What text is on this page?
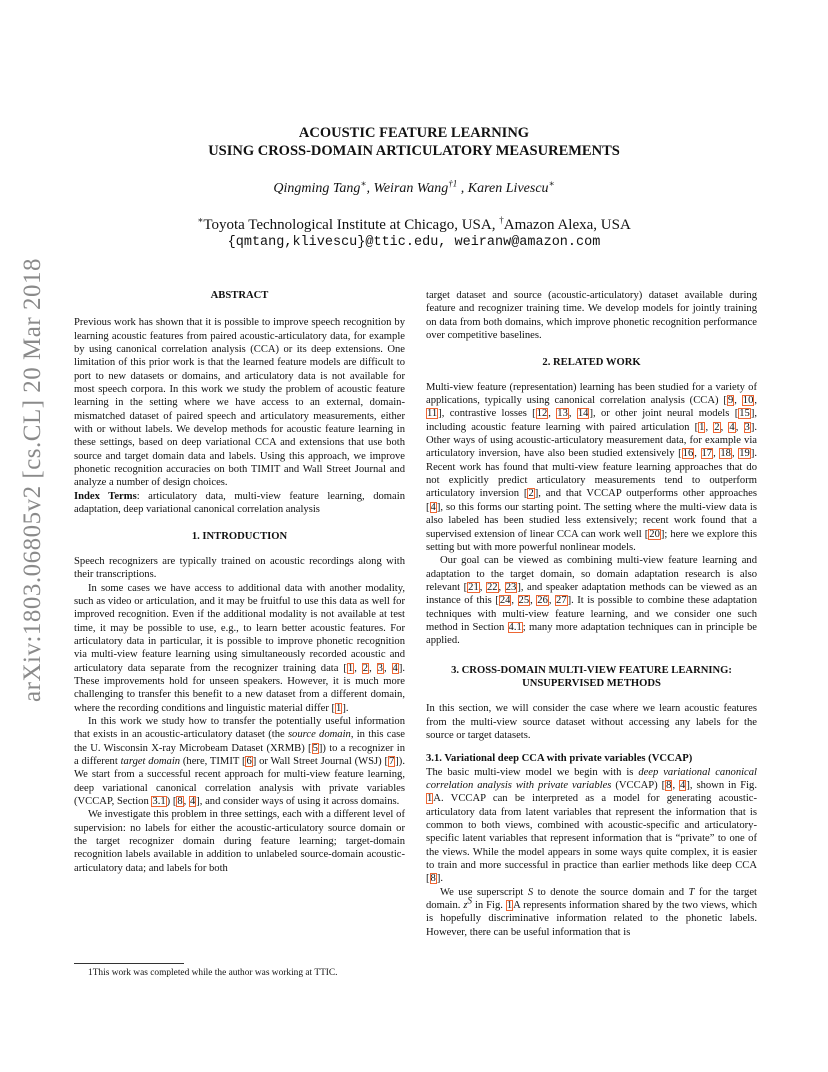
arXiv:1803.06805v2 [cs.CL] 20 Mar 2018
ACOUSTIC FEATURE LEARNING
USING CROSS-DOMAIN ARTICULATORY MEASUREMENTS
Qingming Tang∗, Weiran Wang$^{\dagger 1}$ , Karen Livescu∗
∗Toyota Technological Institute at Chicago, USA, †Amazon Alexa, USA
{qmtang,klivescu}@ttic.edu, weiranw@amazon.com
ABSTRACT

Previous work has shown that it is possible to improve speech recognition by learning acoustic features from paired acoustic-articulatory data, for example by using canonical correlation analysis (CCA) or its deep extensions. One limitation of this prior work is that the learned feature models are difficult to port to new datasets or domains, and articulatory data is not available for most speech corpora. In this work we study the problem of acoustic feature learning in the setting where we have access to an external, domain-mismatched dataset of paired speech and articulatory measurements, either with or without labels. We develop methods for acoustic feature learning in these settings, based on deep variational CCA and extensions that use both source and target domain data and labels. Using this approach, we improve phonetic recognition accuracies on both TIMIT and Wall Street Journal and analyze a number of design choices.

Index Terms: articulatory data, multi-view feature learning, domain adaptation, deep variational canonical correlation analysis

1. INTRODUCTION

Speech recognizers are typically trained on acoustic recordings along with their transcriptions.

In some cases we have access to additional data with another modality, such as video or articulation, and it may be fruitful to use this data as well for improved recognition. Even if the additional modality is not available at test time, it may be possible to use, e.g., to learn better acoustic features. For articulatory data in particular, it is possible to improve phonetic recognition via multi-view feature learning using simultaneously recorded acoustic and articulatory data separate from the recognizer training data [1, 2, 3, 4]. These improvements hold for unseen speakers. However, it is much more challenging to transfer this benefit to a new dataset from a different domain, where the recording conditions and linguistic material differ [1].

In this work we study how to transfer the potentially useful information that exists in an acoustic-articulatory dataset (the source domain, in this case the U. Wisconsin X-ray Microbeam Dataset (XRMB) [5]) to a recognizer in a different target domain (here, TIMIT [6] or Wall Street Journal (WSJ) [7]). We start from a successful recent approach for multi-view feature learning, deep variational canonical correlation analysis with private variables (VCCAP, Section 3.1) [8, 4], and consider ways of using it across domains.

We investigate this problem in three settings, each with a different level of supervision: no labels for either the acoustic-articulatory source domain or the target recognizer domain during feature learning; target-domain recognition labels available in addition to unlabeled source-domain acoustic-articulatory data; and labels for both

1This work was completed while the author was working at TTIC.

target dataset and source (acoustic-articulatory) dataset available during feature and recognizer training time. We develop models for jointly training on data from both domains, which improve phonetic recognition performance over competitive baselines.

2. RELATED WORK

Multi-view feature (representation) learning has been studied for a variety of applications, typically using canonical correlation analysis (CCA) [9, 10, 11], contrastive losses [12, 13, 14], or other joint neural models [15], including acoustic feature learning with paired articulation [1, 2, 4, 3]. Other ways of using acoustic-articulatory measurement data, for example via articulatory inversion, have also been studied extensively [16, 17, 18, 19]. Recent work has found that multi-view feature learning approaches that do not explicitly predict articulatory measurements tend to outperform articulatory inversion [2], and that VCCAP outperforms other approaches [4], so this forms our starting point. The setting where the multi-view data is also labeled has been studied less extensively; recent work found that a supervised extension of linear CCA can work well [20]; here we explore this setting but with more powerful nonlinear models.

Our goal can be viewed as combining multi-view feature learning and adaptation to the target domain, so domain adaptation research is also relevant [21, 22, 23], and speaker adaptation methods can be viewed as an instance of this [24, 25, 26, 27]. It is possible to combine these adaptation techniques with multi-view feature learning, and we consider one such method in Section 4.1; many more adaptation techniques can in principle be applied.

3. CROSS-DOMAIN MULTI-VIEW FEATURE LEARNING:
UNSUPERVISED METHODS

In this section, we will consider the case where we learn acoustic features from the multi-view source dataset without accessing any labels for the source or target datasets.

3.1. Variational deep CCA with private variables (VCCAP)

The basic multi-view model we begin with is deep variational canonical correlation analysis with private variables (VCCAP) [8, 4], shown in Fig. 1A. VCCAP can be interpreted as a model for generating acoustic-articulatory data from latent variables that represent the information that is common to both views, combined with acoustic-specific and articulatory-specific latent variables that represent information that is “private” to one of the views. While the model appears in some ways quite complex, it is easier to train and more successful in practice than earlier methods like deep CCA [8].

We use superscript S to denote the source domain and T for the target domain. $z^S$ in Fig. 1A represents information shared by the two views, which is hopefully discriminative information related to the phonetic labels. However, there can be useful information that is
